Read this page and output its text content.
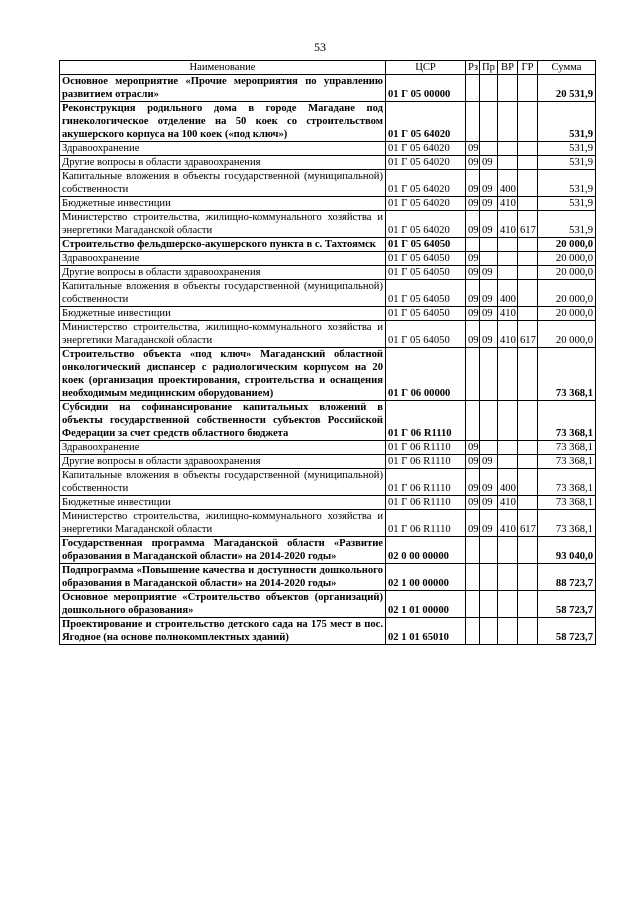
53
Наименование	ЦСР	Рз	Пр	ВР	ГР	Сумма
Основное мероприятие «Прочие мероприятия по управлению развитием отрасли»	01 Г 05 00000					20 531,9
Реконструкция родильного дома в городе Магадане под гинекологическое отделение на 50 коек со строительством акушерского корпуса на 100 коек («под ключ»)	01 Г 05 64020					531,9
Здравоохранение	01 Г 05 64020	09				531,9
Другие вопросы в области здравоохранения	01 Г 05 64020	09	09			531,9
Капитальные вложения в объекты государственной (муниципальной) собственности	01 Г 05 64020	09	09	400		531,9
Бюджетные инвестиции	01 Г 05 64020	09	09	410		531,9
Министерство строительства, жилищно-коммунального хозяйства и энергетики Магаданской области	01 Г 05 64020	09	09	410	617	531,9
Строительство фельдшерско-акушерского пункта в с. Тахтоямск	01 Г 05 64050					20 000,0
Здравоохранение	01 Г 05 64050	09				20 000,0
Другие вопросы в области здравоохранения	01 Г 05 64050	09	09			20 000,0
Капитальные вложения в объекты государственной (муниципальной) собственности	01 Г 05 64050	09	09	400		20 000,0
Бюджетные инвестиции	01 Г 05 64050	09	09	410		20 000,0
Министерство строительства, жилищно-коммунального хозяйства и энергетики Магаданской области	01 Г 05 64050	09	09	410	617	20 000,0
Строительство объекта «под ключ» Магаданский областной онкологический диспансер с радиологическим корпусом на 20 коек (организация проектирования, строительства и оснащения необходимым медицинским оборудованием)	01 Г 06 00000					73 368,1
Субсидии на софинансирование капитальных вложений в объекты государственной собственности субъектов Российской Федерации за счет средств областного бюджета	01 Г 06 R1110					73 368,1
Здравоохранение	01 Г 06 R1110	09				73 368,1
Другие вопросы в области здравоохранения	01 Г 06 R1110	09	09			73 368,1
Капитальные вложения в объекты государственной (муниципальной) собственности	01 Г 06 R1110	09	09	400		73 368,1
Бюджетные инвестиции	01 Г 06 R1110	09	09	410		73 368,1
Министерство строительства, жилищно-коммунального хозяйства и энергетики Магаданской области	01 Г 06 R1110	09	09	410	617	73 368,1
Государственная программа Магаданской области «Развитие образования в Магаданской области» на 2014-2020 годы»	02 0 00 00000					93 040,0
Подпрограмма «Повышение качества и доступности дошкольного образования в Магаданской области» на 2014-2020 годы»	02 1 00 00000					88 723,7
Основное мероприятие «Строительство объектов (организаций) дошкольного образования»	02 1 01 00000					58 723,7
Проектирование и строительство детского сада на 175 мест в пос. Ягодное (на основе полнокомплектных зданий)	02 1 01 65010					58 723,7
